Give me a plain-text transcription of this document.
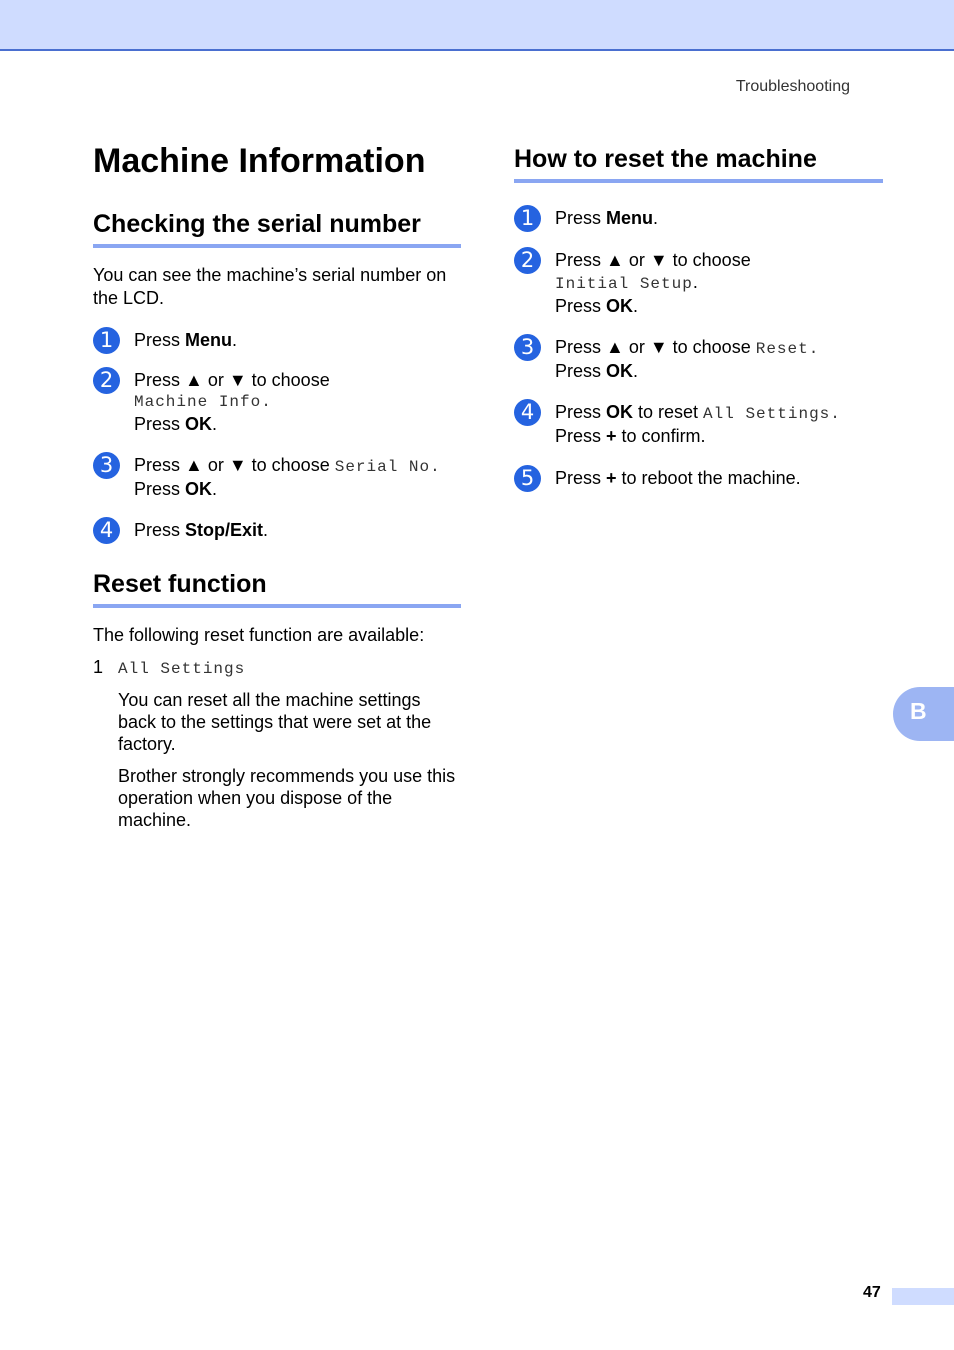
Troubleshooting
Machine Information
Checking the serial number

You can see the machine’s serial number on the LCD.

1	Press Menu.
2	Press ▲ or ▼ to choose
Machine Info.
Press OK.
3	Press ▲ or ▼ to choose Serial No.
Press OK.
4	Press Stop/Exit.
Reset function

The following reset function are available:

1 All Settings

You can reset all the machine settings back to the settings that were set at the factory.

Brother strongly recommends you use this operation when you dispose of the machine.

How to reset the machine
1	Press Menu.
2	Press ▲ or ▼ to choose
Initial Setup.
Press OK.
3	Press ▲ or ▼ to choose Reset.
Press OK.
4	Press OK to reset All Settings.
Press + to confirm.
5	Press + to reboot the machine.
B
47
